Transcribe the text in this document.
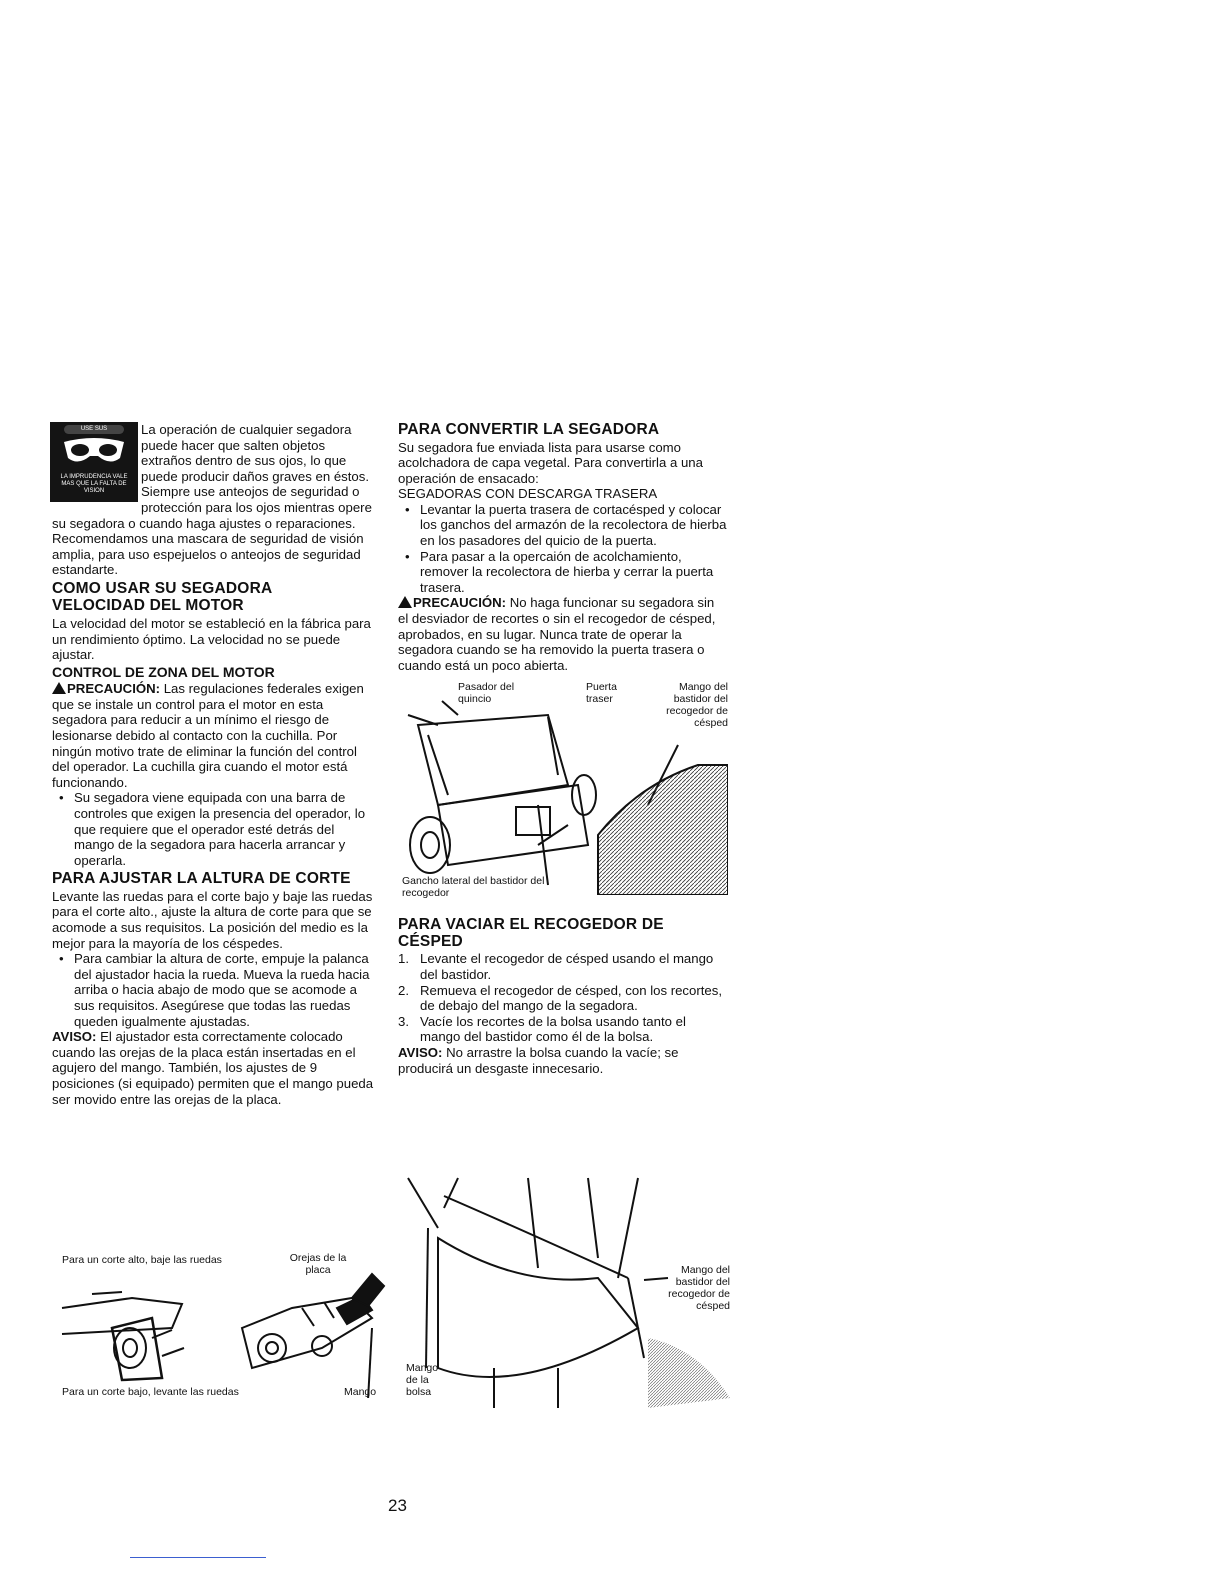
USE SUS
LA IMPRUDENCIA VALE MAS QUE LA FALTA DE VISION

La operación de cualquier segadora puede hacer que salten objetos extraños dentro de sus ojos, lo que puede producir daños graves en éstos. Siempre use anteojos de seguridad o protección para los ojos mientras opere su segadora o cuando haga ajustes o reparaciones. Recomendamos una mascara de seguridad de visión amplia, para uso espejuelos o anteojos de seguridad estandarte.

COMO USAR SU SEGADORA
VELOCIDAD DEL MOTOR

La velocidad del motor se estableció en la fábrica para un rendimiento óptimo. La velocidad no se puede ajustar.

CONTROL DE ZONA DEL MOTOR

PRECAUCIÓN: Las regulaciones federales exigen que se instale un control para el motor en esta segadora para reducir a un mínimo el riesgo de lesionarse debido al contacto con la cuchilla. Por ningún motivo trate de eliminar la función del control del operador. La cuchilla gira cuando el motor está funcionando.

• Su segadora viene equipada con una barra de controles que exigen la presencia del operador, lo que requiere que el operador esté detrás del mango de la segadora para hacerla arrancar y operarla.
PARA AJUSTAR LA ALTURA DE CORTE

Levante las ruedas para el corte bajo y baje las ruedas para el corte alto., ajuste la altura de corte para que se acomode a sus requisitos. La posición del medio es la mejor para la mayoría de los céspedes.

• Para cambiar la altura de corte, empuje la palanca del ajustador hacia la rueda. Mueva la rueda hacia arriba o hacia abajo de modo que se acomode a sus requisitos. Asegúrese que todas las ruedas queden igualmente ajustadas.

AVISO: El ajustador esta correctamente colocado cuando las orejas de la placa están insertadas en el agujero del mango. También, los ajustes de 9 posiciones (si equipado) permiten que el mango pueda ser movido entre las orejas de la placa.

Para un corte alto, baje las ruedas	Orejas de la placa
Para un corte bajo, levante las ruedas	Mango
PARA CONVERTIR LA SEGADORA

Su segadora fue enviada lista para usarse como acolchadora de capa vegetal. Para convertirla a una operación de ensacado:

SEGADORAS CON DESCARGA TRASERA

• Levantar la puerta trasera de cortacésped y colocar los ganchos del armazón de la recolectora de hierba en los pasadores del quicio de la puerta.
• Para pasar a la opercaión de acolchamiento, remover la recolectora de hierba y cerrar la puerta trasera.

PRECAUCIÓN: No haga funcionar su segadora sin el desviador de recortes o sin el recogedor de césped, aprobados, en su lugar. Nunca trate de operar la segadora cuando se ha removido la puerta trasera o cuando está un poco abierta.

Pasador del quincio
Puerta traser
Mango del bastidor del recogedor de césped
Gancho lateral del bastidor del recogedor
PARA VACIAR EL RECOGEDOR DE CÉSPED
1. Levante el recogedor de césped usando el mango del bastidor.
2. Remueva el recogedor de césped, con los recortes, de debajo del mango de la segadora.
3. Vacíe los recortes de la bolsa usando tanto el mango del bastidor como él de la bolsa.

AVISO: No arrastre la bolsa cuando la vacíe; se producirá un desgaste innecesario.

Mango del bastidor del recogedor de césped
Mango de la bolsa
23
